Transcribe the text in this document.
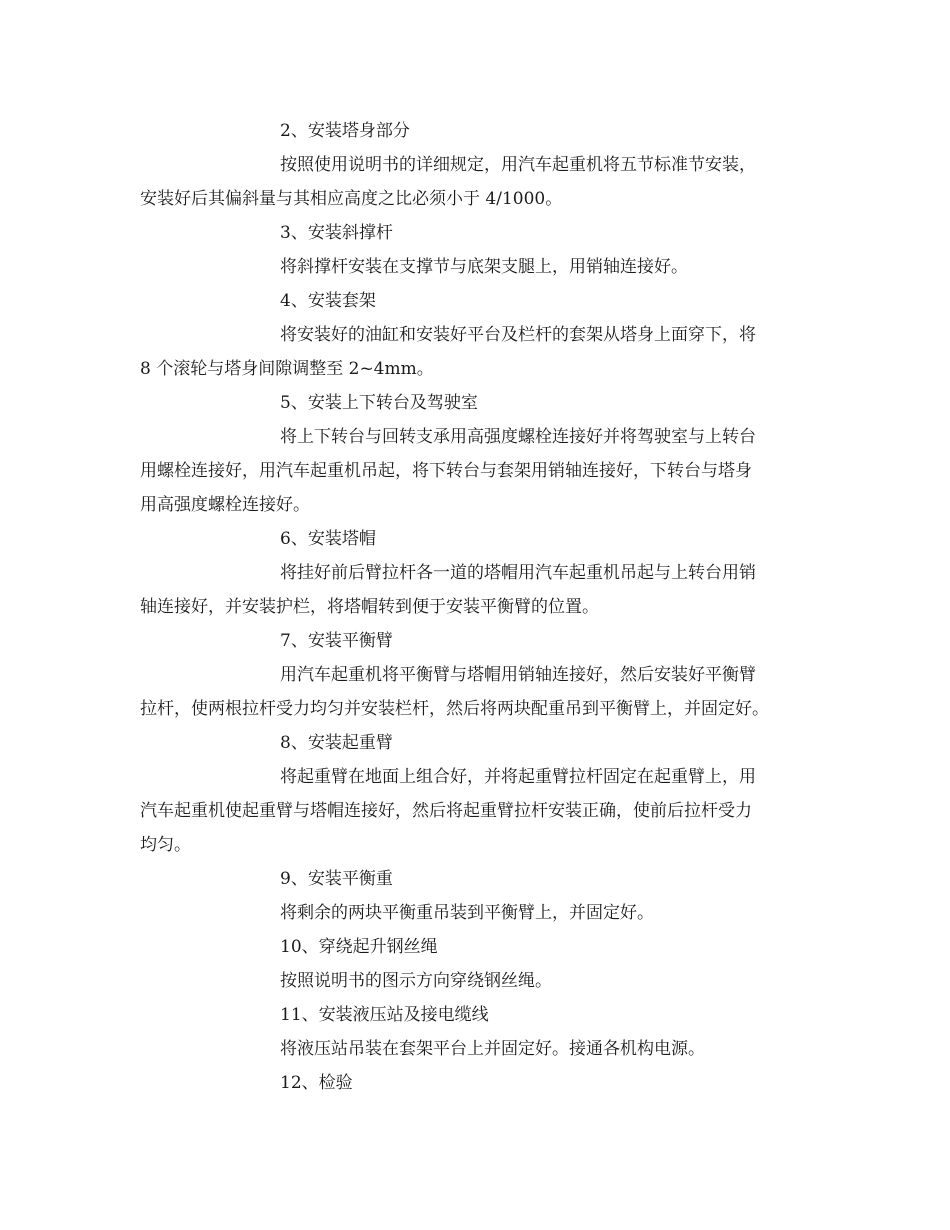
2、安装塔身部分
按照使用说明书的详细规定，用汽车起重机将五节标准节安装，
安装好后其偏斜量与其相应高度之比必须小于 4/1000。
3、安装斜撑杆
将斜撑杆安装在支撑节与底架支腿上，用销轴连接好。
4、安装套架
将安装好的油缸和安装好平台及栏杆的套架从塔身上面穿下，将
8 个滚轮与塔身间隙调整至 2~4mm。
5、安装上下转台及驾驶室
将上下转台与回转支承用高强度螺栓连接好并将驾驶室与上转台
用螺栓连接好，用汽车起重机吊起，将下转台与套架用销轴连接好，下转台与塔身
用高强度螺栓连接好。
6、安装塔帽
将挂好前后臂拉杆各一道的塔帽用汽车起重机吊起与上转台用销
轴连接好，并安装护栏，将塔帽转到便于安装平衡臂的位置。
7、安装平衡臂
用汽车起重机将平衡臂与塔帽用销轴连接好，然后安装好平衡臂
拉杆，使两根拉杆受力均匀并安装栏杆，然后将两块配重吊到平衡臂上，并固定好。
8、安装起重臂
将起重臂在地面上组合好，并将起重臂拉杆固定在起重臂上，用
汽车起重机使起重臂与塔帽连接好，然后将起重臂拉杆安装正确，使前后拉杆受力
均匀。
9、安装平衡重
将剩余的两块平衡重吊装到平衡臂上，并固定好。
10、穿绕起升钢丝绳
按照说明书的图示方向穿绕钢丝绳。
11、安装液压站及接电缆线
将液压站吊装在套架平台上并固定好。接通各机构电源。
12、检验
